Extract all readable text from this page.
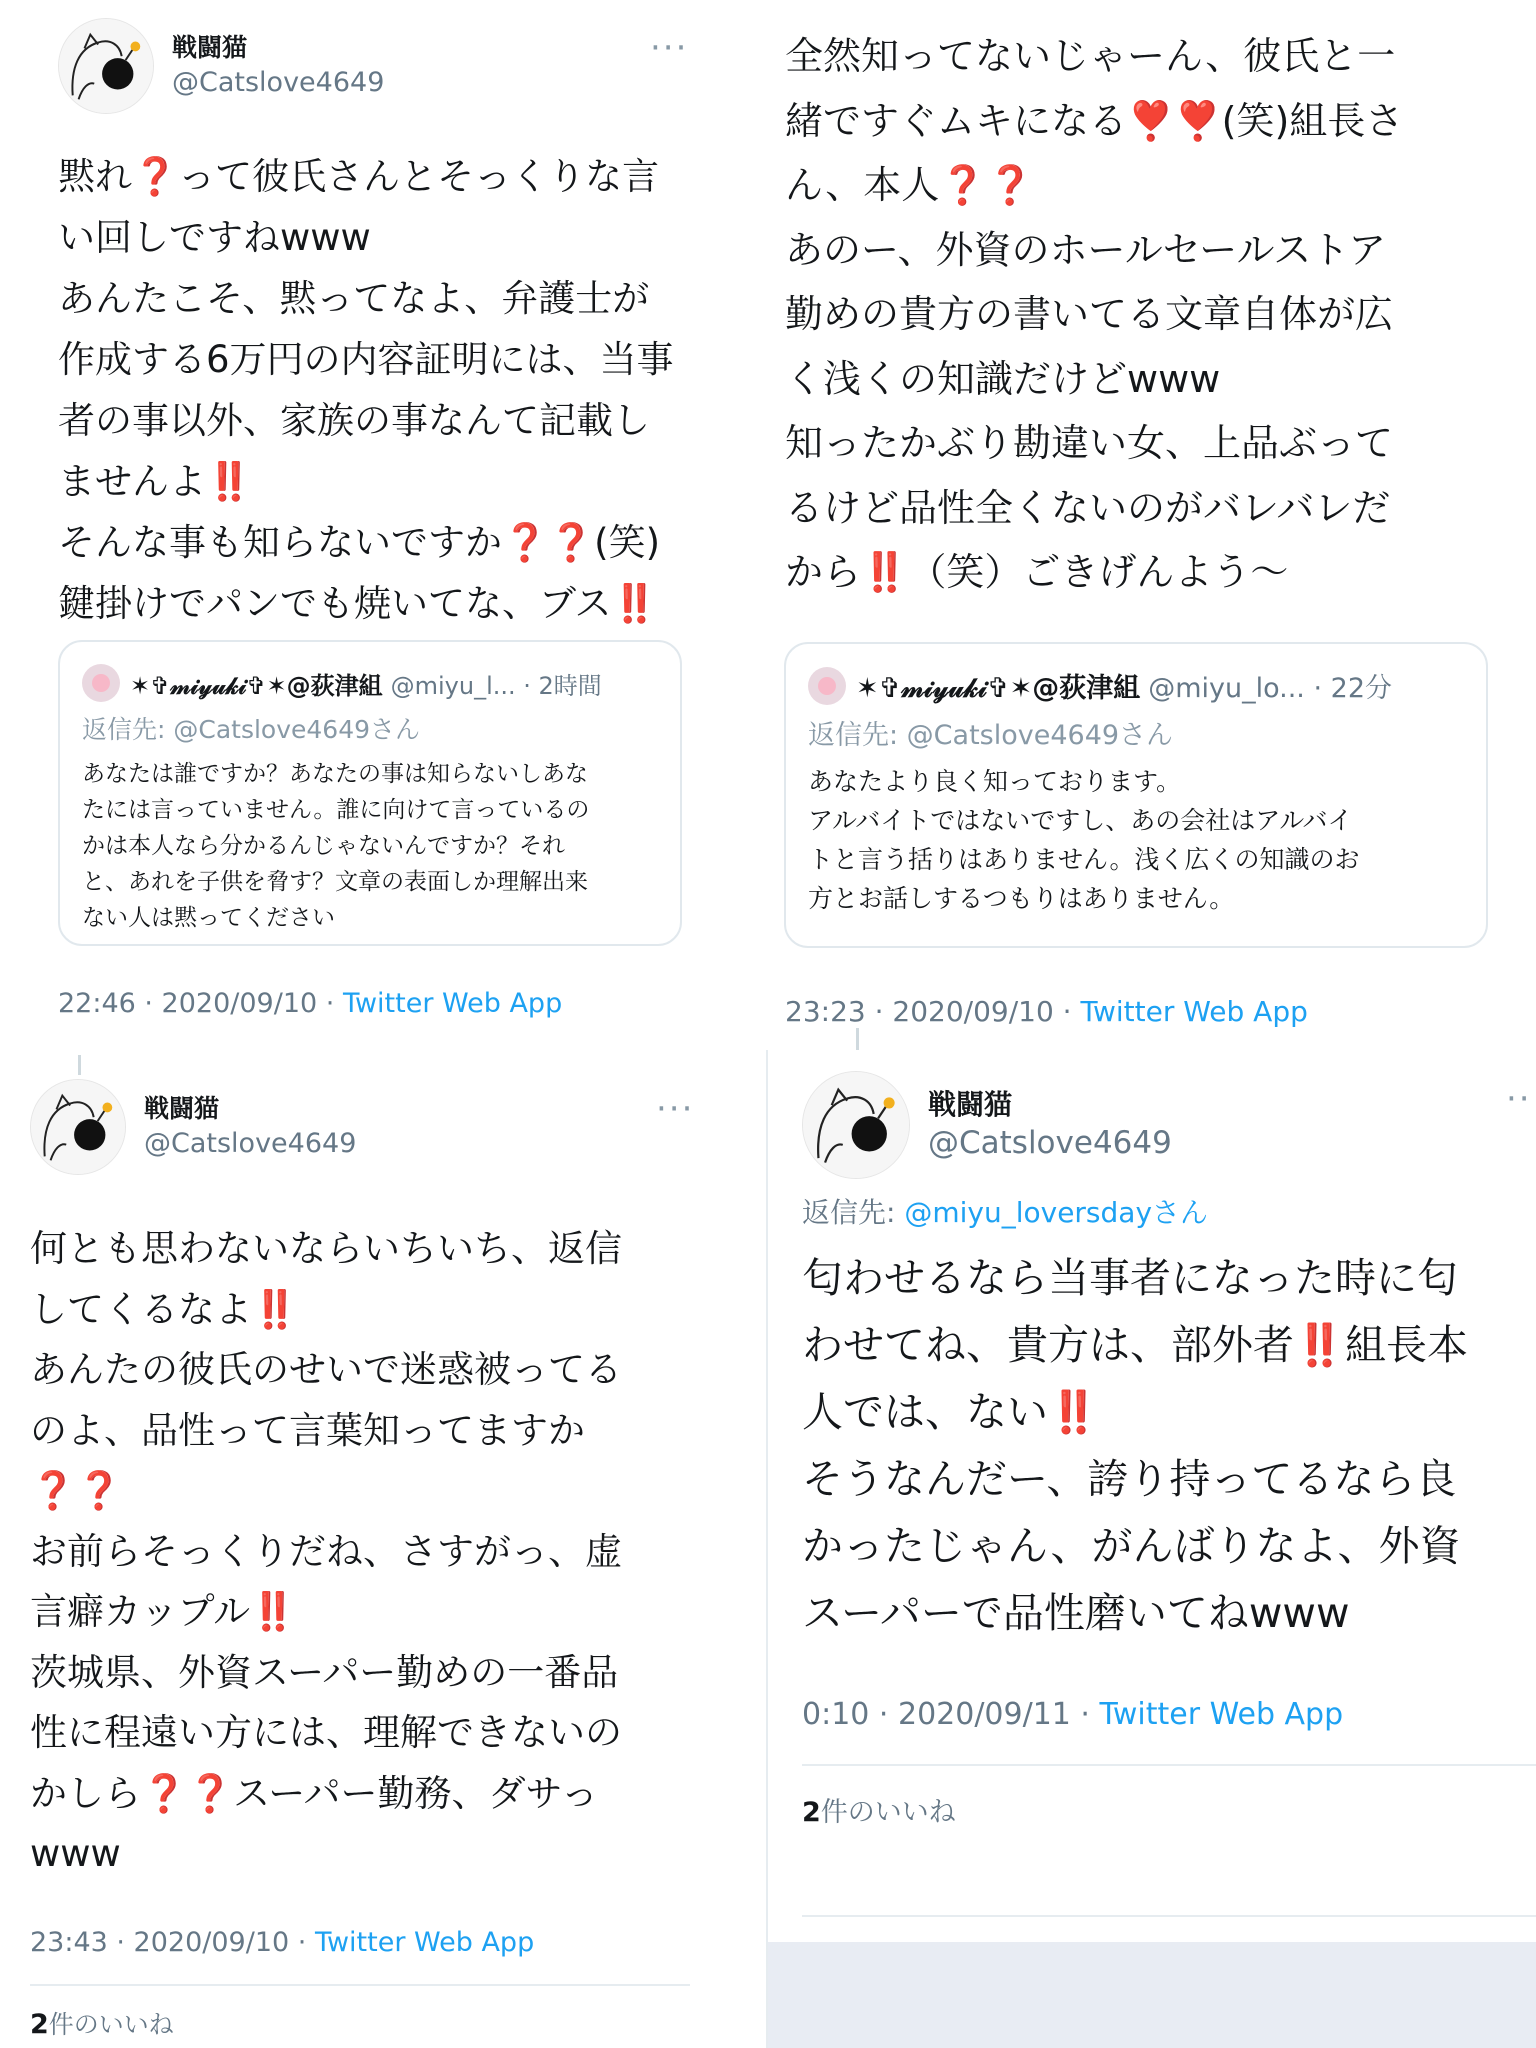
戦闘猫
@Catslove4649
···
黙れ❓って彼氏さんとそっくりな言
い回しですねwww
あんたこそ、黙ってなよ、弁護士が
作成する6万円の内容証明には、当事
者の事以外、家族の事なんて記載し
ませんよ‼️
そんな事も知らないですか❓❓(笑)
鍵掛けでパンでも焼いてな、ブス‼️
✶✞𝓂𝒾𝓎𝓊𝓀𝒾✞✶@荻津組 @miyu_l... · 2時間
返信先: @Catslove4649さん
あなたは誰ですか？あなたの事は知らないしあな
たには言っていません。誰に向けて言っているの
かは本人なら分かるんじゃないんですか？それ
と、あれを子供を脅す？文章の表面しか理解出来
ない人は黙ってください
22:46 · 2020/09/10 · Twitter Web App
全然知ってないじゃーん、彼氏と一
緒ですぐムキになる❣️❣️(笑)組長さ
ん、本人❓❓
あのー、外資のホールセールストア
勤めの貴方の書いてる文章自体が広
く浅くの知識だけどwww
知ったかぶり勘違い女、上品ぶって
るけど品性全くないのがバレバレだ
から‼️（笑）ごきげんよう〜
✶✞𝓂𝒾𝓎𝓊𝓀𝒾✞✶@荻津組 @miyu_lo... · 22分
返信先: @Catslove4649さん
あなたより良く知っております。
アルバイトではないですし、あの会社はアルバイ
トと言う括りはありません。浅く広くの知識のお
方とお話しするつもりはありません。
23:23 · 2020/09/10 · Twitter Web App
戦闘猫
@Catslove4649
···
何とも思わないならいちいち、返信
してくるなよ‼️
あんたの彼氏のせいで迷惑被ってる
のよ、品性って言葉知ってますか
❓❓
お前らそっくりだね、さすがっ、虚
言癖カップル‼️
茨城県、外資スーパー勤めの一番品
性に程遠い方には、理解できないの
かしら❓❓スーパー勤務、ダサっ
www
23:43 · 2020/09/10 · Twitter Web App
2件のいいね
戦闘猫
@Catslove4649
··
返信先: @miyu_loversdayさん
匂わせるなら当事者になった時に匂
わせてね、貴方は、部外者‼️組長本
人では、ない‼️
そうなんだー、誇り持ってるなら良
かったじゃん、がんばりなよ、外資
スーパーで品性磨いてねwww
0:10 · 2020/09/11 · Twitter Web App
2件のいいね
